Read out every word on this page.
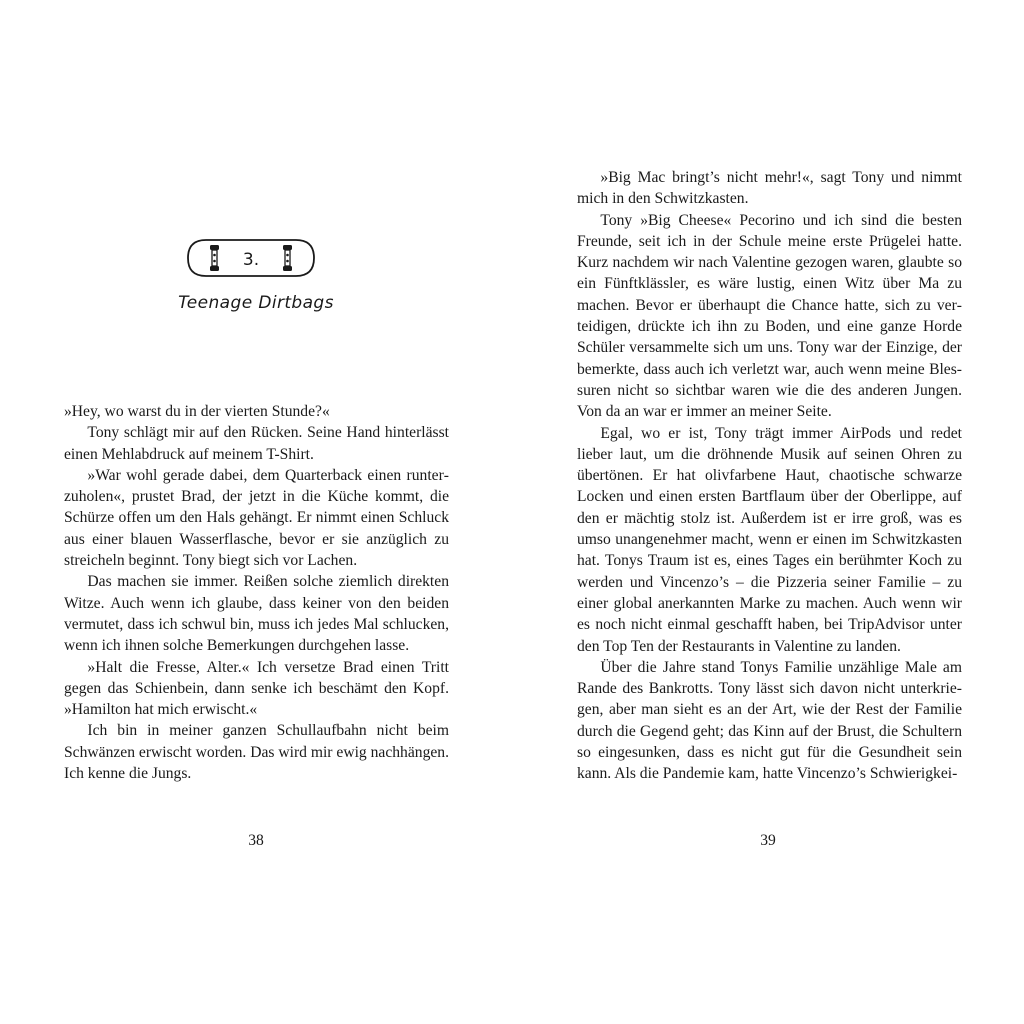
3.
Teenage Dirtbags

»Hey, wo warst du in der vierten Stunde?«

Tony schlägt mir auf den Rücken. Seine Hand hinterlässt einen Mehlabdruck auf meinem T-Shirt.

»War wohl gerade dabei, dem Quarterback einen runterzuholen«, prustet Brad, der jetzt in die Küche kommt, die Schürze offen um den Hals gehängt. Er nimmt einen Schluck aus einer blauen Wasserflasche, bevor er sie anzüglich zu streicheln beginnt. Tony biegt sich vor Lachen.

Das machen sie immer. Reißen solche ziemlich direkten Witze. Auch wenn ich glaube, dass keiner von den beiden vermutet, dass ich schwul bin, muss ich jedes Mal schlucken, wenn ich ihnen solche Bemerkungen durchgehen lasse.

»Halt die Fresse, Alter.« Ich versetze Brad einen Tritt gegen das Schienbein, dann senke ich beschämt den Kopf. »Hamilton hat mich erwischt.«

Ich bin in meiner ganzen Schullaufbahn nicht beim Schwänzen erwischt worden. Das wird mir ewig nachhängen. Ich kenne die Jungs.

38

»Big Mac bringt’s nicht mehr!«, sagt Tony und nimmt mich in den Schwitzkasten.

Tony »Big Cheese« Pecorino und ich sind die besten Freunde, seit ich in der Schule meine erste Prügelei hatte. Kurz nachdem wir nach Valentine gezogen waren, glaubte so ein Fünftklässler, es wäre lustig, einen Witz über Ma zu machen. Bevor er überhaupt die Chance hatte, sich zu verteidigen, drückte ich ihn zu Boden, und eine ganze Horde Schüler versammelte sich um uns. Tony war der Einzige, der bemerkte, dass auch ich verletzt war, auch wenn meine Blessuren nicht so sichtbar waren wie die des anderen Jungen. Von da an war er immer an meiner Seite.

Egal, wo er ist, Tony trägt immer AirPods und redet lieber laut, um die dröhnende Musik auf seinen Ohren zu übertönen. Er hat olivfarbene Haut, chaotische schwarze Locken und einen ersten Bartflaum über der Oberlippe, auf den er mächtig stolz ist. Außerdem ist er irre groß, was es umso unangenehmer macht, wenn er einen im Schwitzkasten hat. Tonys Traum ist es, eines Tages ein berühmter Koch zu werden und Vincenzo’s – die Pizzeria seiner Familie – zu einer global anerkannten Marke zu machen. Auch wenn wir es noch nicht einmal geschafft haben, bei TripAdvisor unter den Top Ten der Restaurants in Valentine zu landen.

Über die Jahre stand Tonys Familie unzählige Male am Rande des Bankrotts. Tony lässt sich davon nicht unterkriegen, aber man sieht es an der Art, wie der Rest der Familie durch die Gegend geht; das Kinn auf der Brust, die Schultern so eingesunken, dass es nicht gut für die Gesundheit sein kann. Als die Pandemie kam, hatte Vincenzo’s Schwierigkei-

39
